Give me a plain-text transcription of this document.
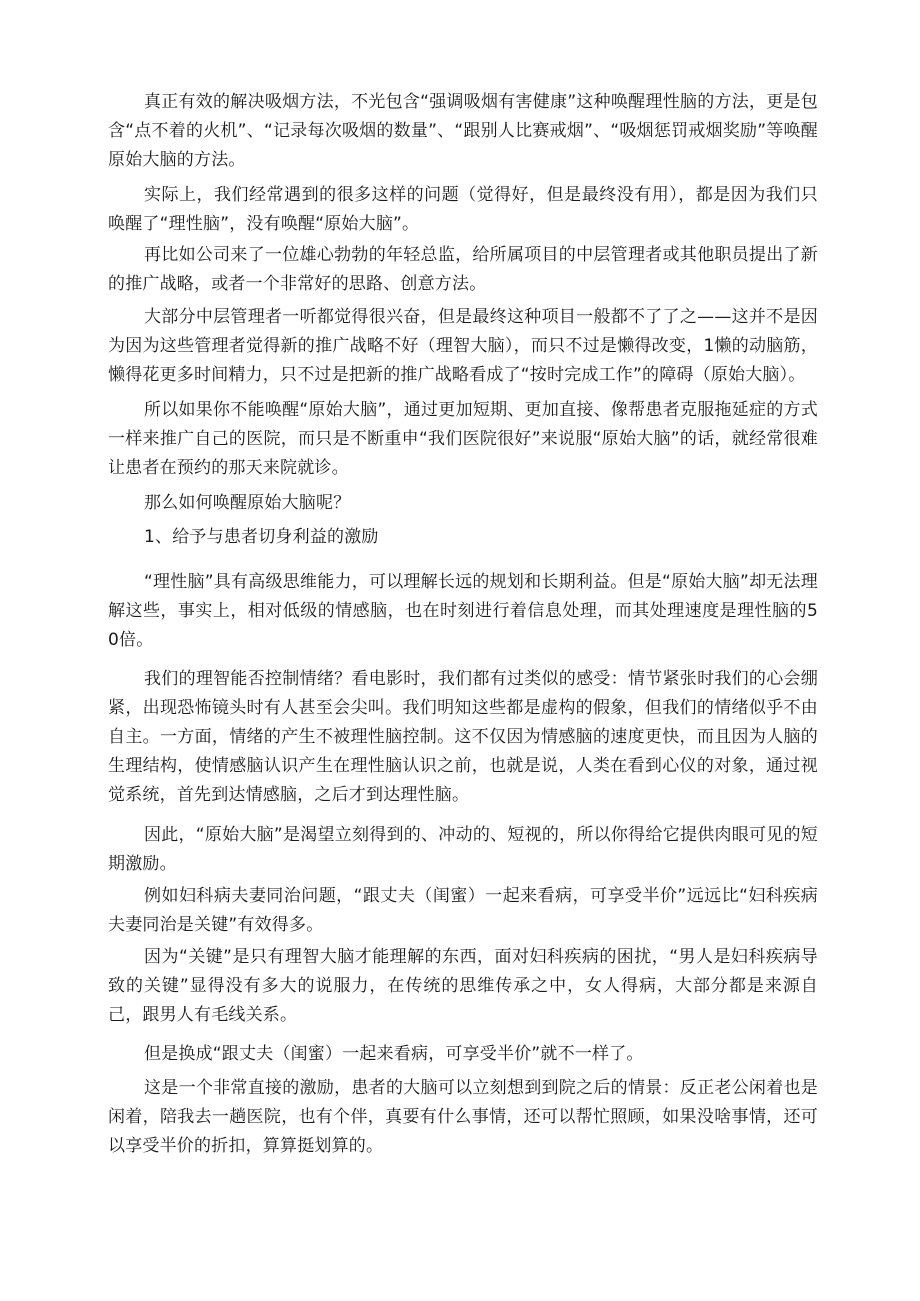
真正有效的解决吸烟方法，不光包含“强调吸烟有害健康”这种唤醒理性脑的方法，更是包含“点不着的火机”、“记录每次吸烟的数量”、“跟别人比赛戒烟”、“吸烟惩罚戒烟奖励”等唤醒原始大脑的方法。

实际上，我们经常遇到的很多这样的问题（觉得好，但是最终没有用），都是因为我们只唤醒了“理性脑”，没有唤醒“原始大脑”。

再比如公司来了一位雄心勃勃的年轻总监，给所属项目的中层管理者或其他职员提出了新的推广战略，或者一个非常好的思路、创意方法。

大部分中层管理者一听都觉得很兴奋，但是最终这种项目一般都不了了之——这并不是因为因为这些管理者觉得新的推广战略不好（理智大脑），而只不过是懒得改变，1懒的动脑筋，懒得花更多时间精力，只不过是把新的推广战略看成了“按时完成工作”的障碍（原始大脑）。

所以如果你不能唤醒“原始大脑”，通过更加短期、更加直接、像帮患者克服拖延症的方式一样来推广自己的医院，而只是不断重申“我们医院很好”来说服“原始大脑”的话，就经常很难让患者在预约的那天来院就诊。

那么如何唤醒原始大脑呢？

1、给予与患者切身利益的激励

“理性脑”具有高级思维能力，可以理解长远的规划和长期利益。但是“原始大脑”却无法理解这些，事实上，相对低级的情感脑，也在时刻进行着信息处理，而其处理速度是理性脑的50倍。

我们的理智能否控制情绪？看电影时，我们都有过类似的感受：情节紧张时我们的心会绷紧，出现恐怖镜头时有人甚至会尖叫。我们明知这些都是虚构的假象，但我们的情绪似乎不由自主。一方面，情绪的产生不被理性脑控制。这不仅因为情感脑的速度更快，而且因为人脑的生理结构，使情感脑认识产生在理性脑认识之前，也就是说，人类在看到心仪的对象，通过视觉系统，首先到达情感脑，之后才到达理性脑。

因此，“原始大脑”是渴望立刻得到的、冲动的、短视的，所以你得给它提供肉眼可见的短期激励。

例如妇科病夫妻同治问题，“跟丈夫（闺蜜）一起来看病，可享受半价”远远比“妇科疾病夫妻同治是关键”有效得多。

因为“关键”是只有理智大脑才能理解的东西，面对妇科疾病的困扰，“男人是妇科疾病导致的关键”显得没有多大的说服力，在传统的思维传承之中，女人得病，大部分都是来源自己，跟男人有毛线关系。

但是换成“跟丈夫（闺蜜）一起来看病，可享受半价”就不一样了。

这是一个非常直接的激励，患者的大脑可以立刻想到到院之后的情景：反正老公闲着也是闲着，陪我去一趟医院，也有个伴，真要有什么事情，还可以帮忙照顾，如果没啥事情，还可以享受半价的折扣，算算挺划算的。
